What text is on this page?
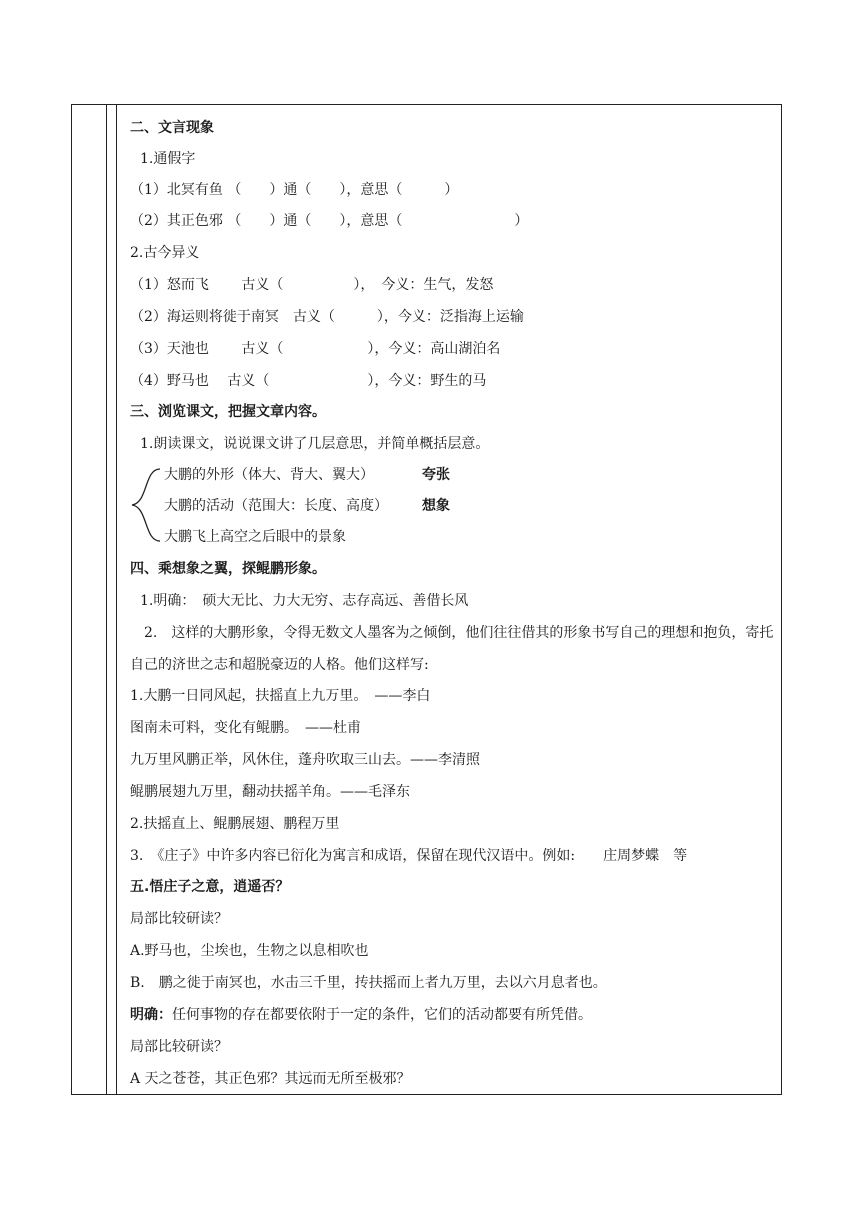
二、文言现象
1.通假字
（1）北冥有鱼 （　　）通（　　），意思（　　　）
（2）其正色邪 （　　）通（　　），意思（　　　　　　　　）
2.古今异义
（1）怒而飞　　 古义（　　　　　），　今义：生气，发怒
（2）海运则将徙于南冥　古义（　　　），今义：泛指海上运输
（3）天池也　　 古义（　　　　　　），今义：高山湖泊名
（4）野马也　 古义（　　　　　　　），今义：野生的马
三、浏览课文，把握文章内容。
1.朗读课文，说说课文讲了几层意思，并简单概括层意。
大鹏的外形（体大、背大、翼大）	夸张
大鹏的活动（范围大：长度、高度） 想象
大鹏飞上高空之后眼中的景象
四、乘想象之翼，探鲲鹏形象。
1.明确：　硕大无比、力大无穷、志存高远、善借长风
　2.　这样的大鹏形象，令得无数文人墨客为之倾倒，他们往往借其的形象书写自己的理想和抱负，寄托自己的济世之志和超脱豪迈的人格。他们这样写:
1.大鹏一日同风起，扶摇直上九万里。　——李白
图南未可料，变化有鲲鹏。　——杜甫
九万里风鹏正举，风休住，蓬舟吹取三山去。——李清照
鲲鹏展翅九万里，翻动扶摇羊角。——毛泽东
2.扶摇直上、鲲鹏展翅、鹏程万里
3.　《庄子》中许多内容已衍化为寓言和成语，保留在现代汉语中。例如:　　庄周梦蝶　等
五.悟庄子之意，逍遥否？
局部比较研读？
A.野马也，尘埃也，生物之以息相吹也
B.　鹏之徙于南冥也，水击三千里，抟扶摇而上者九万里，去以六月息者也。
明确：任何事物的存在都要依附于一定的条件，它们的活动都要有所凭借。
局部比较研读？
A 天之苍苍，其正色邪？其远而无所至极邪？
